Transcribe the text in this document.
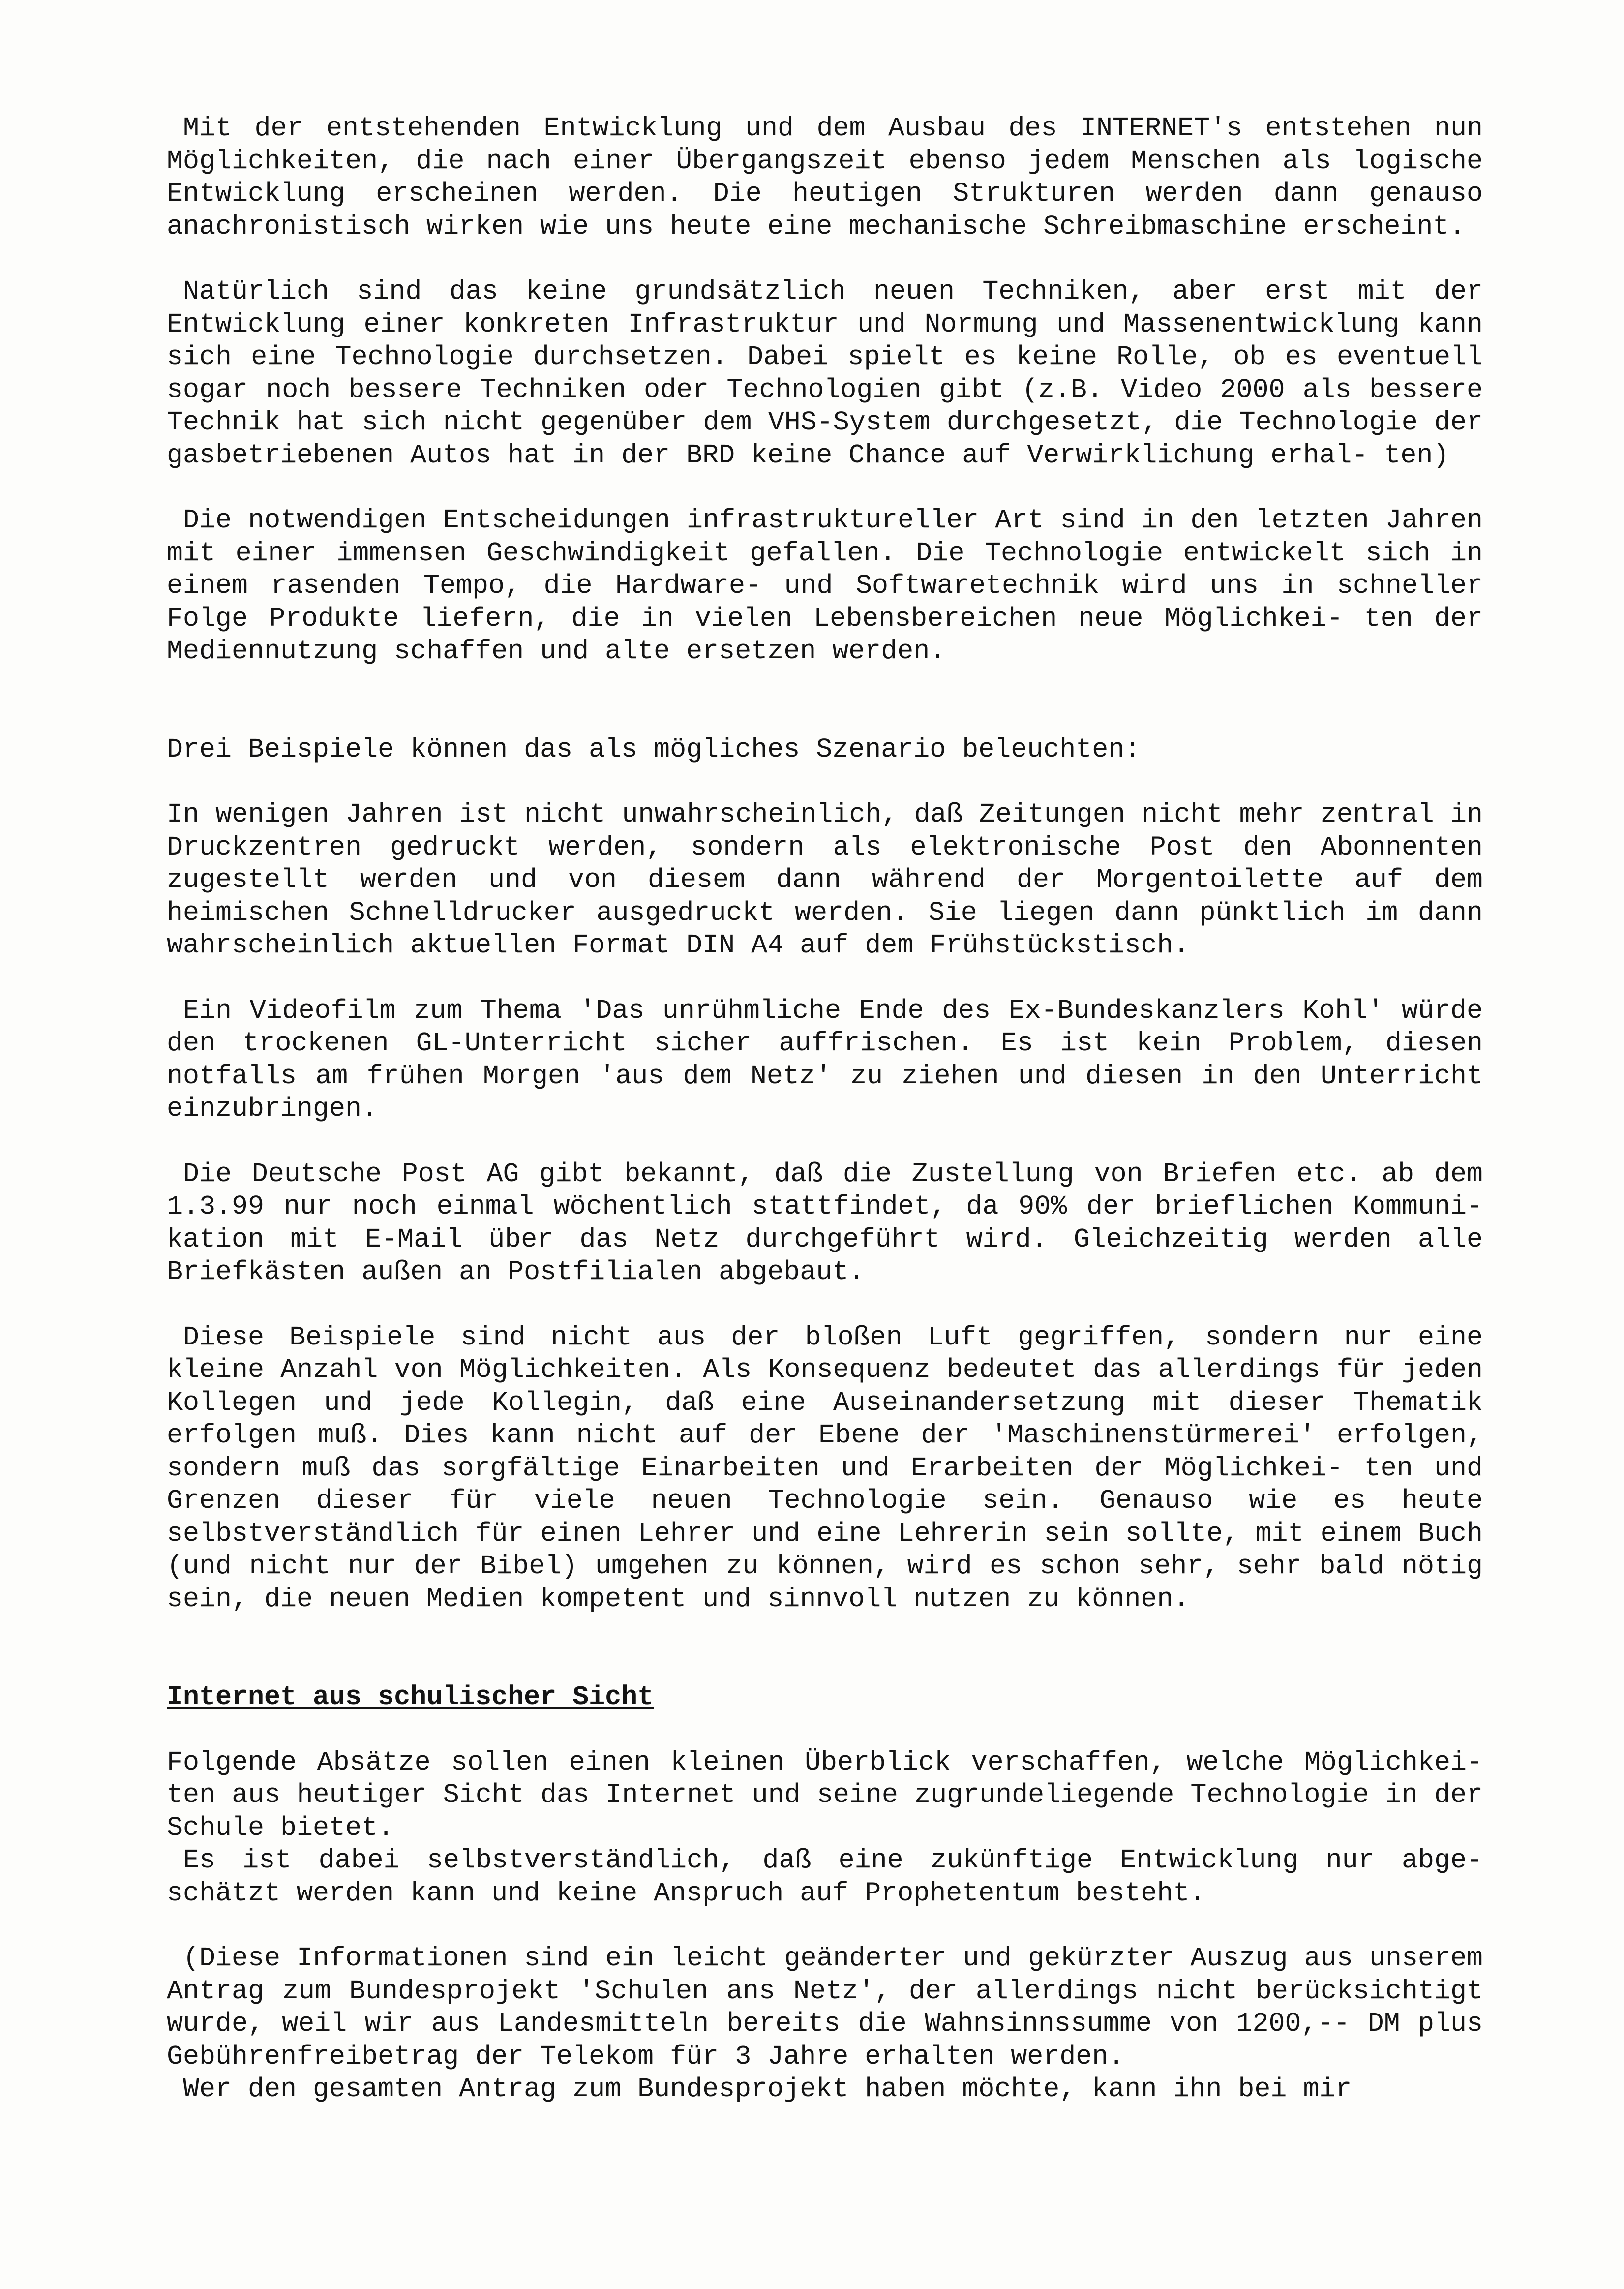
Mit der entstehenden Entwicklung und dem Ausbau des INTERNET's entstehen nun Möglichkeiten, die nach einer Übergangszeit ebenso jedem Menschen als logische Entwicklung erscheinen werden. Die heutigen Strukturen werden dann genauso anachronistisch wirken wie uns heute eine mechanische Schreibmaschine erscheint.

Natürlich sind das keine grundsätzlich neuen Techniken, aber erst mit der Entwicklung einer konkreten Infrastruktur und Normung und Massenentwicklung kann sich eine Technologie durchsetzen. Dabei spielt es keine Rolle, ob es eventuell sogar noch bessere Techniken oder Technologien gibt (z.B. Video 2000 als bessere Technik hat sich nicht gegenüber dem VHS-System durchgesetzt, die Technologie der gasbetriebenen Autos hat in der BRD keine Chance auf Verwirklichung erhal- ten)

Die notwendigen Entscheidungen infrastruktureller Art sind in den letzten Jahren mit einer immensen Geschwindigkeit gefallen. Die Technologie entwickelt sich in einem rasenden Tempo, die Hardware- und Softwaretechnik wird uns in schneller Folge Produkte liefern, die in vielen Lebensbereichen neue Möglichkei- ten der Mediennutzung schaffen und alte ersetzen werden.

Drei Beispiele können das als mögliches Szenario beleuchten:

In wenigen Jahren ist nicht unwahrscheinlich, daß Zeitungen nicht mehr zentral in Druckzentren gedruckt werden, sondern als elektronische Post den Abonnenten zugestellt werden und von diesem dann während der Morgentoilette auf dem heimischen Schnelldrucker ausgedruckt werden. Sie liegen dann pünktlich im dann wahrscheinlich aktuellen Format DIN A4 auf dem Frühstückstisch.

Ein Videofilm zum Thema 'Das unrühmliche Ende des Ex-Bundeskanzlers Kohl' würde den trockenen GL-Unterricht sicher auffrischen. Es ist kein Problem, diesen notfalls am frühen Morgen 'aus dem Netz' zu ziehen und diesen in den Unterricht einzubringen.

Die Deutsche Post AG gibt bekannt, daß die Zustellung von Briefen etc. ab dem 1.3.99 nur noch einmal wöchentlich stattfindet, da 90% der brieflichen Kommuni- kation mit E-Mail über das Netz durchgeführt wird. Gleichzeitig werden alle Briefkästen außen an Postfilialen abgebaut.

Diese Beispiele sind nicht aus der bloßen Luft gegriffen, sondern nur eine kleine Anzahl von Möglichkeiten. Als Konsequenz bedeutet das allerdings für jeden Kollegen und jede Kollegin, daß eine Auseinandersetzung mit dieser Thematik erfolgen muß. Dies kann nicht auf der Ebene der 'Maschinenstürmerei' erfolgen, sondern muß das sorgfältige Einarbeiten und Erarbeiten der Möglichkei- ten und Grenzen dieser für viele neuen Technologie sein. Genauso wie es heute selbstverständlich für einen Lehrer und eine Lehrerin sein sollte, mit einem Buch (und nicht nur der Bibel) umgehen zu können, wird es schon sehr, sehr bald nötig sein, die neuen Medien kompetent und sinnvoll nutzen zu können.

Internet aus schulischer Sicht

Folgende Absätze sollen einen kleinen Überblick verschaffen, welche Möglichkei- ten aus heutiger Sicht das Internet und seine zugrundeliegende Technologie in der Schule bietet.

Es ist dabei selbstverständlich, daß eine zukünftige Entwicklung nur abge- schätzt werden kann und keine Anspruch auf Prophetentum besteht.

(Diese Informationen sind ein leicht geänderter und gekürzter Auszug aus unserem Antrag zum Bundesprojekt 'Schulen ans Netz', der allerdings nicht berücksichtigt wurde, weil wir aus Landesmitteln bereits die Wahnsinnssumme von 1200,-- DM plus Gebührenfreibetrag der Telekom für 3 Jahre erhalten werden.

Wer den gesamten Antrag zum Bundesprojekt haben möchte, kann ihn bei mir
